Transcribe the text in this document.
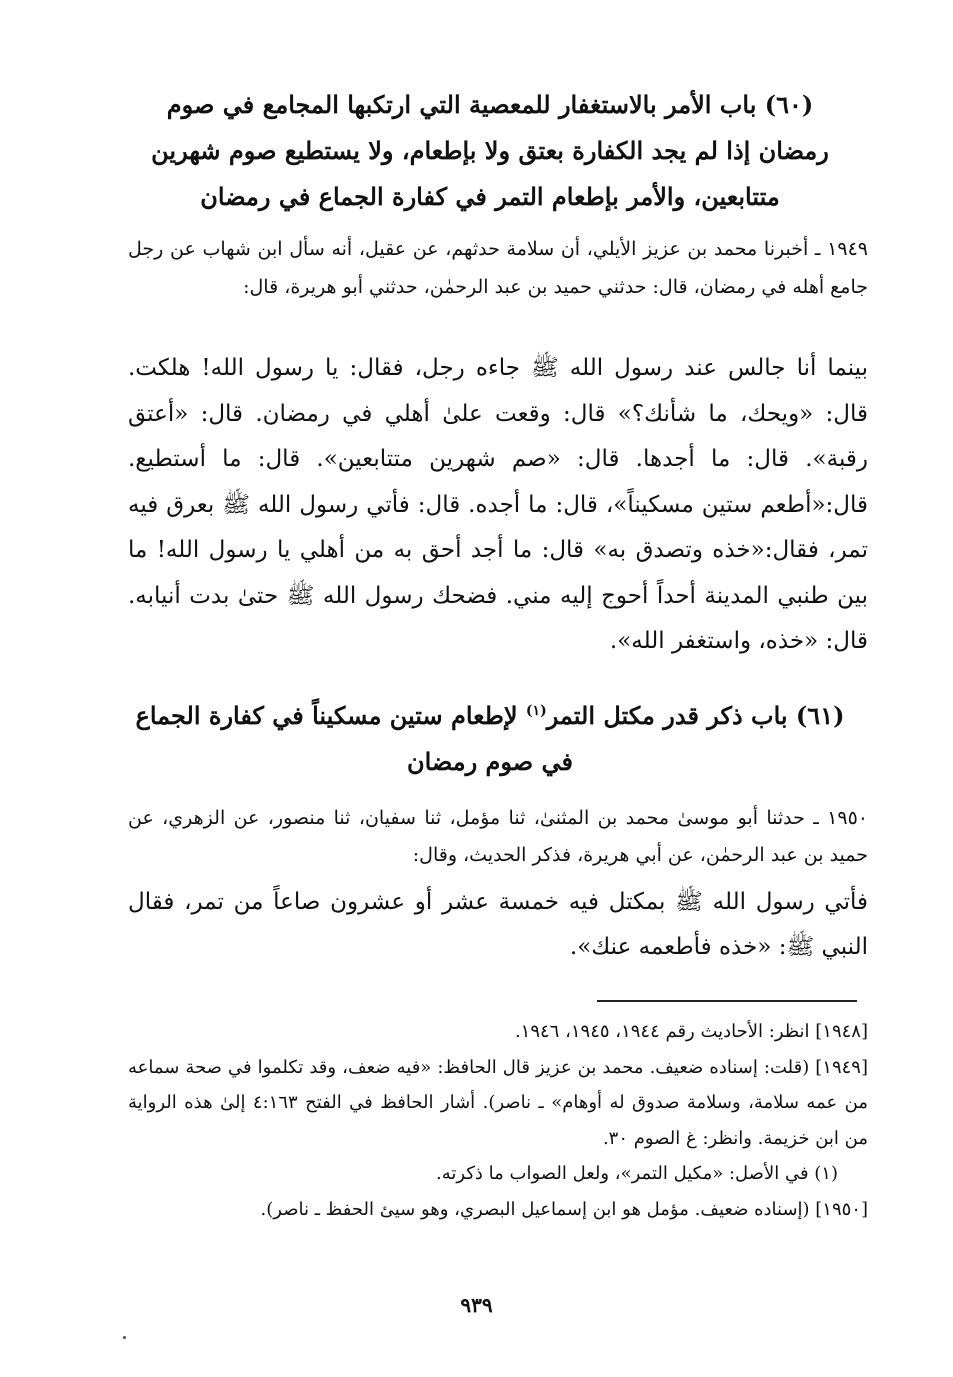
(٦٠) باب الأمر بالاستغفار للمعصية التي ارتكبها المجامع في صوم رمضان إذا لم يجد الكفارة بعتق ولا بإطعام، ولا يستطيع صوم شهرين متتابعين، والأمر بإطعام التمر في كفارة الجماع في رمضان
١٩٤٩ ـ أخبرنا محمد بن عزيز الأيلي، أن سلامة حدثهم، عن عقيل، أنه سأل ابن شهاب عن رجل جامع أهله في رمضان، قال: حدثني حميد بن عبد الرحمٰن، حدثني أبو هريرة، قال:
بينما أنا جالس عند رسول الله ﷺ جاءه رجل، فقال: يا رسول الله! هلكت. قال: «ويحك، ما شأنك؟» قال: وقعت علىٰ أهلي في رمضان. قال: «أعتق رقبة». قال: ما أجدها. قال: «صم شهرين متتابعين». قال: ما أستطيع. قال:«أطعم ستين مسكيناً»، قال: ما أجده. قال: فأتي رسول الله ﷺ بعرق فيه تمر، فقال:«خذه وتصدق به» قال: ما أجد أحق به من أهلي يا رسول الله! ما بين طنبي المدينة أحداً أحوج إليه مني. فضحك رسول الله ﷺ حتىٰ بدت أنيابه. قال: «خذه، واستغفر الله».
(٦١) باب ذكر قدر مكتل التمر$^{(١)}$ لإطعام ستين مسكيناً في كفارة الجماع في صوم رمضان
١٩٥٠ ـ حدثنا أبو موسىٰ محمد بن المثنىٰ، ثنا مؤمل، ثنا سفيان، ثنا منصور، عن الزهري، عن حميد بن عبد الرحمٰن، عن أبي هريرة، فذكر الحديث، وقال:
فأتي رسول الله ﷺ بمكتل فيه خمسة عشر أو عشرون صاعاً من تمر، فقال النبي ﷺ: «خذه فأطعمه عنك».

[١٩٤٨] انظر: الأحاديث رقم ١٩٤٤، ١٩٤٥، ١٩٤٦.

[١٩٤٩] (قلت: إسناده ضعيف. محمد بن عزيز قال الحافظ: «فيه ضعف، وقد تكلموا في صحة سماعه من عمه سلامة، وسلامة صدوق له أوهام» ـ ناصر). أشار الحافظ في الفتح ٤:١٦٣ إلىٰ هذه الرواية من ابن خزيمة. وانظر: غ الصوم ٣٠.

(١) في الأصل: «مكيل التمر»، ولعل الصواب ما ذكرته.

[١٩٥٠] (إسناده ضعيف. مؤمل هو ابن إسماعيل البصري، وهو سيئ الحفظ ـ ناصر).

٩٣٩
